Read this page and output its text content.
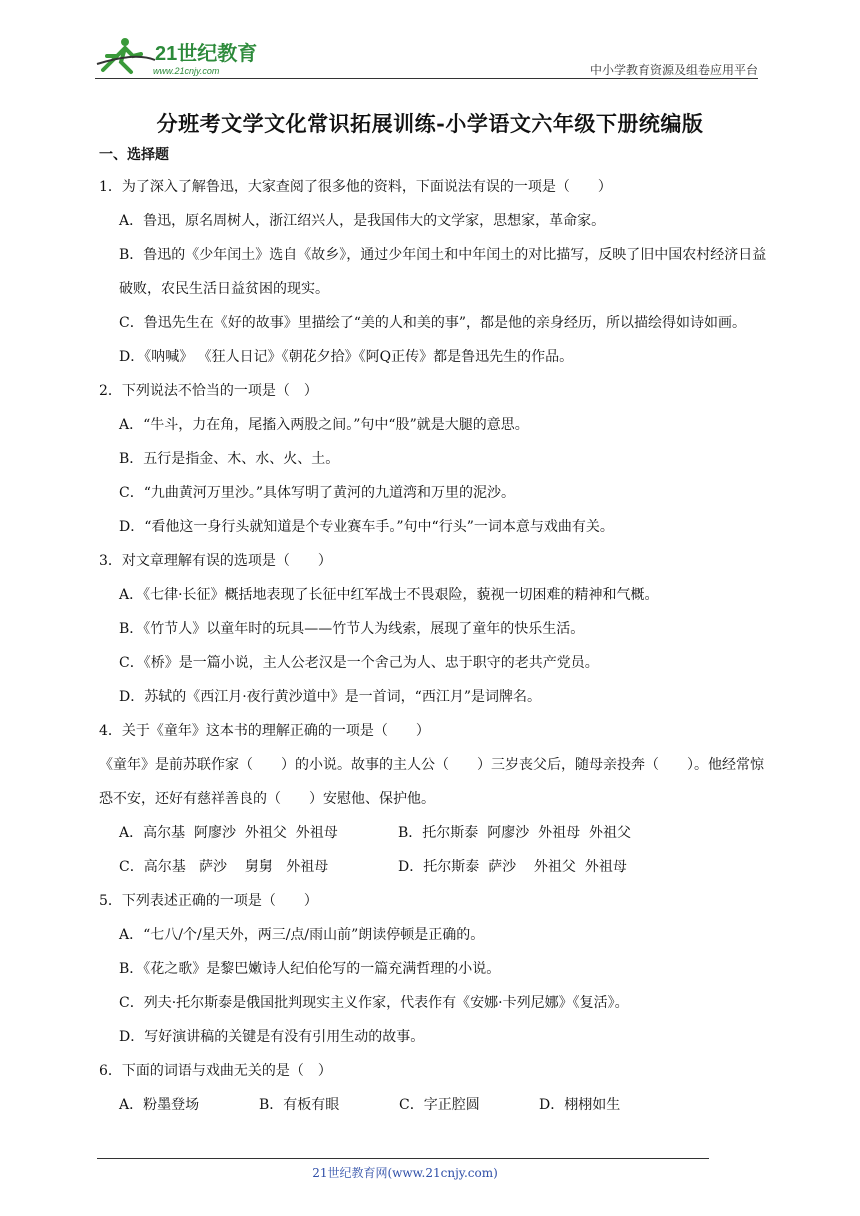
21世纪教育
www.21cnjy.com	中小学教育资源及组卷应用平台
分班考文学文化常识拓展训练-小学语文六年级下册统编版
一、选择题
1．为了深入了解鲁迅，大家查阅了很多他的资料，下面说法有误的一项是（　　）
A．鲁迅，原名周树人，浙江绍兴人，是我国伟大的文学家，思想家，革命家。
B．鲁迅的《少年闰土》选自《故乡》，通过少年闰土和中年闰土的对比描写，反映了旧中国农村经济日益破败，农民生活日益贫困的现实。
C．鲁迅先生在《好的故事》里描绘了“美的人和美的事”，都是他的亲身经历，所以描绘得如诗如画。
D．《呐喊》 《狂人日记》《朝花夕拾》《阿Q正传》都是鲁迅先生的作品。
2．下列说法不恰当的一项是（　）
A．“牛斗，力在角，尾搐入两股之间。”句中“股”就是大腿的意思。
B．五行是指金、木、水、火、土。
C．“九曲黄河万里沙。”具体写明了黄河的九道湾和万里的泥沙。
D．“看他这一身行头就知道是个专业赛车手。”句中“行头”一词本意与戏曲有关。
3．对文章理解有误的选项是（　　）
A．《七律·长征》概括地表现了长征中红军战士不畏艰险，藐视一切困难的精神和气概。
B．《竹节人》以童年时的玩具——竹节人为线索，展现了童年的快乐生活。
C．《桥》是一篇小说，主人公老汉是一个舍己为人、忠于职守的老共产党员。
D．苏轼的《西江月·夜行黄沙道中》是一首词，“西江月”是词牌名。
4．关于《童年》这本书的理解正确的一项是（　　）
《童年》是前苏联作家（　　）的小说。故事的主人公（　　）三岁丧父后，随母亲投奔（　　）。他经常惊恐不安，还好有慈祥善良的（　　）安慰他、保护他。
A．高尔基  阿廖沙  外祖父  外祖母	B．托尔斯泰  阿廖沙  外祖母  外祖父
C．高尔基   萨沙    舅舅   外祖母	D．托尔斯泰  萨沙    外祖父  外祖母
5．下列表述正确的一项是（　　）
A．“七八/个/星天外，两三/点/雨山前”朗读停顿是正确的。
B．《花之歌》是黎巴嫩诗人纪伯伦写的一篇充满哲理的小说。
C．列夫·托尔斯泰是俄国批判现实主义作家，代表作有《安娜·卡列尼娜》《复活》。
D．写好演讲稿的关键是有没有引用生动的故事。
6．下面的词语与戏曲无关的是（　）
A．粉墨登场	B．有板有眼	C．字正腔圆	D．栩栩如生
21世纪教育网(www.21cnjy.com)
